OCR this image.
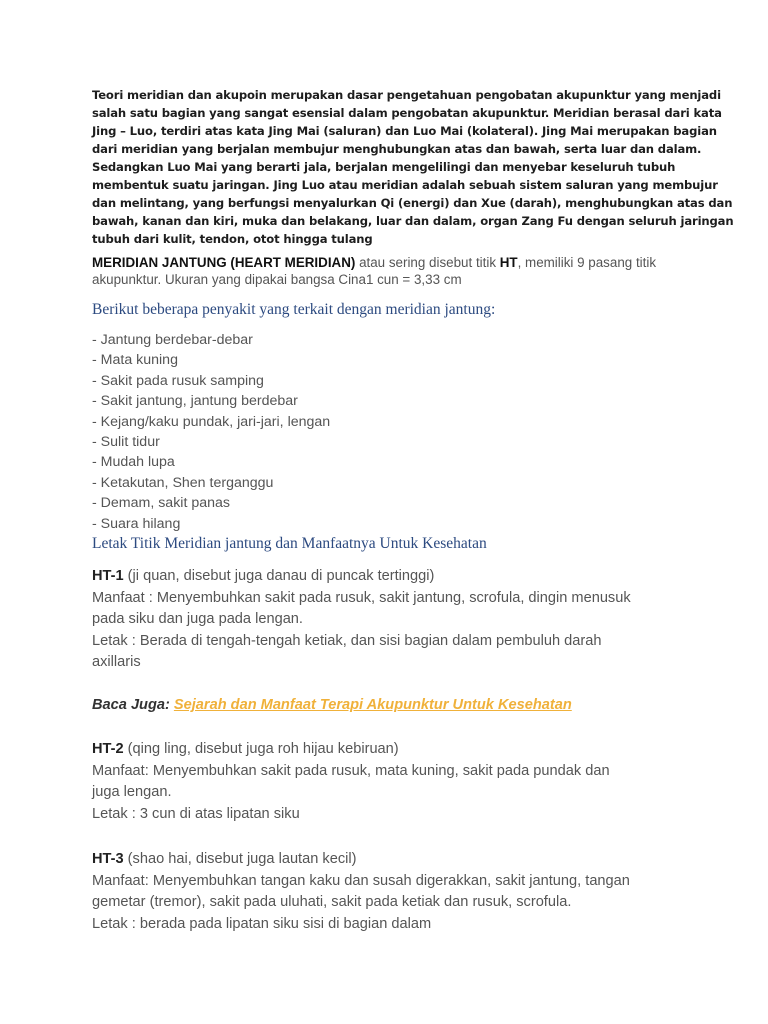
Teori meridian dan akupoin merupakan dasar pengetahuan pengobatan akupunktur yang menjadi
salah satu bagian yang sangat esensial dalam pengobatan akupunktur. Meridian berasal dari kata
Jing – Luo, terdiri atas kata Jing Mai (saluran) dan Luo Mai (kolateral). Jing Mai merupakan bagian
dari meridian yang berjalan membujur menghubungkan atas dan bawah, serta luar dan dalam.
Sedangkan Luo Mai yang berarti jala, berjalan mengelilingi dan menyebar keseluruh tubuh
membentuk suatu jaringan. Jing Luo atau meridian adalah sebuah sistem saluran yang membujur
dan melintang, yang berfungsi menyalurkan Qi (energi) dan Xue (darah), menghubungkan atas dan
bawah, kanan dan kiri, muka dan belakang, luar dan dalam, organ Zang Fu dengan seluruh jaringan
tubuh dari kulit, tendon, otot hingga tulang
MERIDIAN JANTUNG (HEART MERIDIAN) atau sering disebut titik HT, memiliki 9 pasang titik akupunktur. Ukuran yang dipakai bangsa Cina1 cun = 3,33 cm
Berikut beberapa penyakit yang terkait dengan meridian jantung:
- Jantung berdebar-debar
- Mata kuning
- Sakit pada rusuk samping
- Sakit jantung, jantung berdebar
- Kejang/kaku pundak, jari-jari, lengan
- Sulit tidur
- Mudah lupa
- Ketakutan, Shen terganggu
- Demam, sakit panas
- Suara hilang
Letak Titik Meridian jantung dan Manfaatnya Untuk Kesehatan
HT-1 (ji quan, disebut juga danau di puncak tertinggi)
Manfaat : Menyembuhkan sakit pada rusuk, sakit jantung, scrofula, dingin menusuk
pada siku dan juga pada lengan.
Letak : Berada di tengah-tengah ketiak, dan sisi bagian dalam pembuluh darah
axillaris
Baca Juga: Sejarah dan Manfaat Terapi Akupunktur Untuk Kesehatan
HT-2 (qing ling, disebut juga roh hijau kebiruan)
Manfaat: Menyembuhkan sakit pada rusuk, mata kuning, sakit pada pundak dan
juga lengan.
Letak : 3 cun di atas lipatan siku
HT-3 (shao hai, disebut juga lautan kecil)
Manfaat: Menyembuhkan tangan kaku dan susah digerakkan, sakit jantung, tangan
gemetar (tremor), sakit pada uluhati, sakit pada ketiak dan rusuk, scrofula.
Letak : berada pada lipatan siku sisi di bagian dalam
